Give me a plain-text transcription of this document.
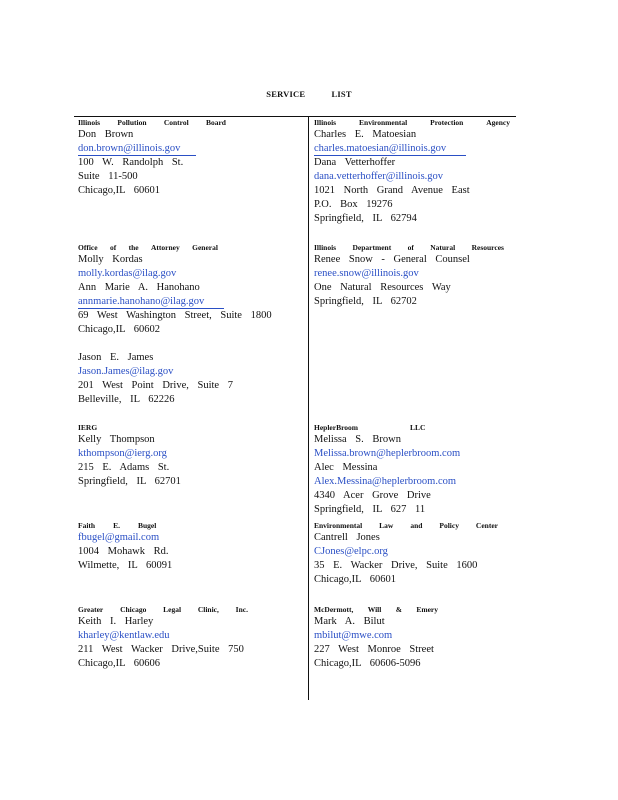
SERVICE LIST
Illinois Pollution Control Board
Don Brown
don.brown@illinois.gov
100 W. Randolph St.
Suite 11-500
Chicago,IL 60601
Illinois	Environmental	Protection	Agency
Charles E. Matoesian
charles.matoesian@illinois.gov
Dana Vetterhoffer
dana.vetterhoffer@illinois.gov
1021 North Grand Avenue East
P.O. Box 19276
Springfield, IL 62794
Office of the Attorney General
Molly Kordas
molly.kordas@ilag.gov
Ann Marie A. Hanohano
annmarie.hanohano@ilag.gov
69 West Washington Street, Suite 1800
Chicago,IL 60602
Jason E. James
Jason.James@ilag.gov
201 West Point Drive, Suite 7
Belleville, IL 62226
Illinois Department of Natural Resources
Renee Snow - General Counsel
renee.snow@illinois.gov
One Natural Resources Way
Springfield, IL 62702
IERG
Kelly Thompson
kthompson@ierg.org
215 E. Adams St.
Springfield, IL 62701
HeplerBroom	LLC
Melissa S. Brown
Melissa.brown@heplerbroom.com
Alec Messina
Alex.Messina@heplerbroom.com
4340 Acer Grove Drive
Springfield, IL 627 11
Faith E. Bugel
fbugel@gmail.com
1004 Mohawk Rd.
Wilmette, IL 60091
Environmental Law and Policy Center
Cantrell Jones
CJones@elpc.org
35 E. Wacker Drive, Suite 1600
Chicago,IL 60601
Greater Chicago Legal Clinic, Inc.
Keith I. Harley
kharley@kentlaw.edu
211 West Wacker Drive,Suite 750
Chicago,IL 60606
McDermott, Will & Emery
Mark A. Bilut
mbilut@mwe.com
227 West Monroe Street
Chicago,IL 60606-5096
